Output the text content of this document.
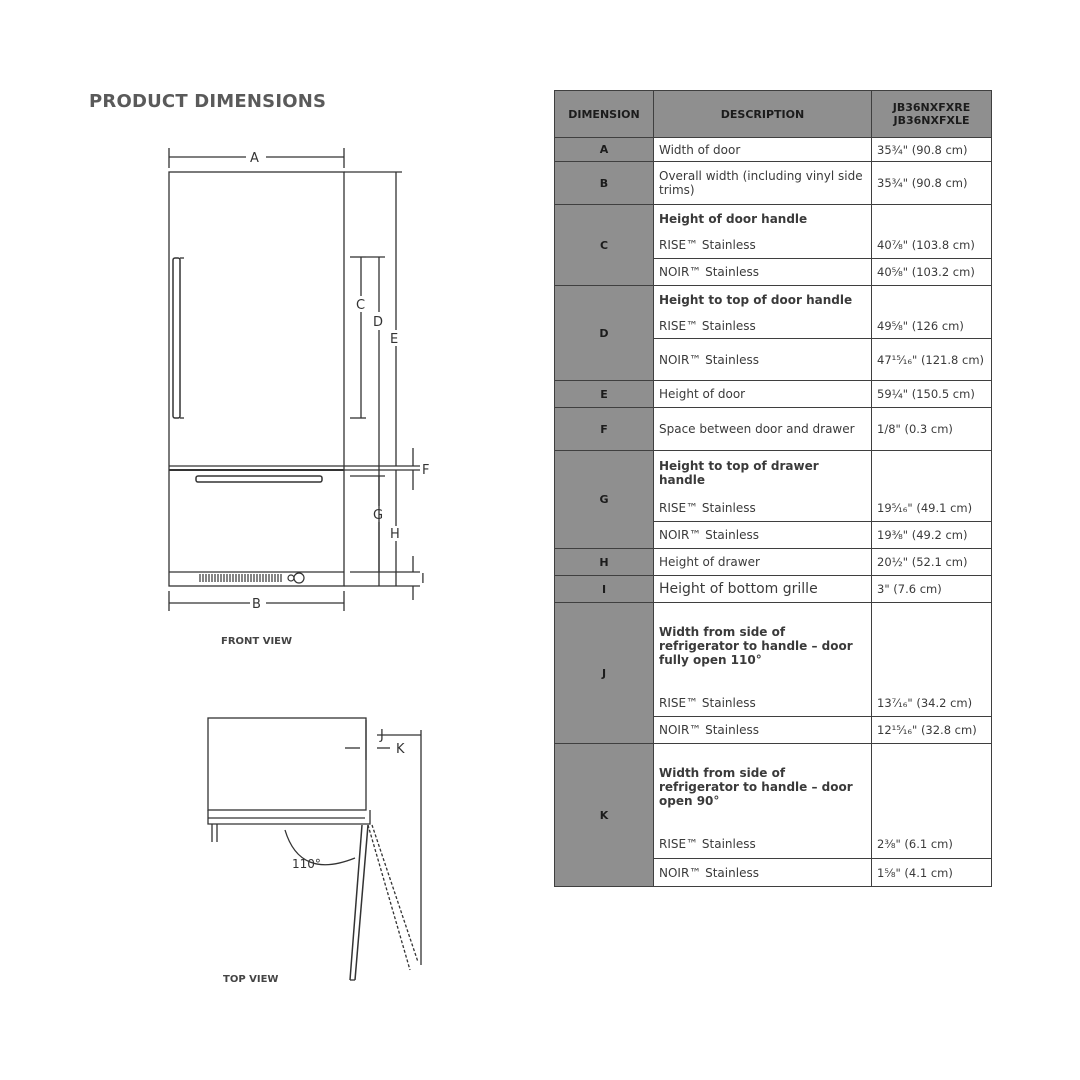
PRODUCT DIMENSIONS
A
B
C
D
E
F
G
H
I
J
K
110°
FRONT VIEW
TOP VIEW
DIMENSION	DESCRIPTION	JB36NXFXRE
JB36NXFXLE
A	Width of door	35¾" (90.8 cm)
B	Overall width (including vinyl side trims)	35¾" (90.8 cm)
C	Height of door handle	
	RISE™ Stainless	40⅞" (103.8 cm)
	NOIR™ Stainless	40⅝" (103.2 cm)
D	Height to top of door handle	
	RISE™ Stainless	49⅝" (126 cm)
	NOIR™ Stainless	47¹⁵⁄₁₆" (121.8 cm)
E	Height of door	59¼" (150.5 cm)
F	Space between door and drawer	1/8" (0.3 cm)
G	Height to top of drawer handle	
	RISE™ Stainless	19⁵⁄₁₆" (49.1 cm)
	NOIR™ Stainless	19⅜" (49.2 cm)
H	Height of drawer	20½" (52.1 cm)
I	Height of bottom grille	3" (7.6 cm)
J	Width from side of refrigerator to handle – door fully open 110°	
	RISE™ Stainless	13⁷⁄₁₆" (34.2 cm)
	NOIR™ Stainless	12¹⁵⁄₁₆" (32.8 cm)
K	Width from side of refrigerator to handle – door open 90°	
	RISE™ Stainless	2⅜" (6.1 cm)
	NOIR™ Stainless	1⅝" (4.1 cm)
